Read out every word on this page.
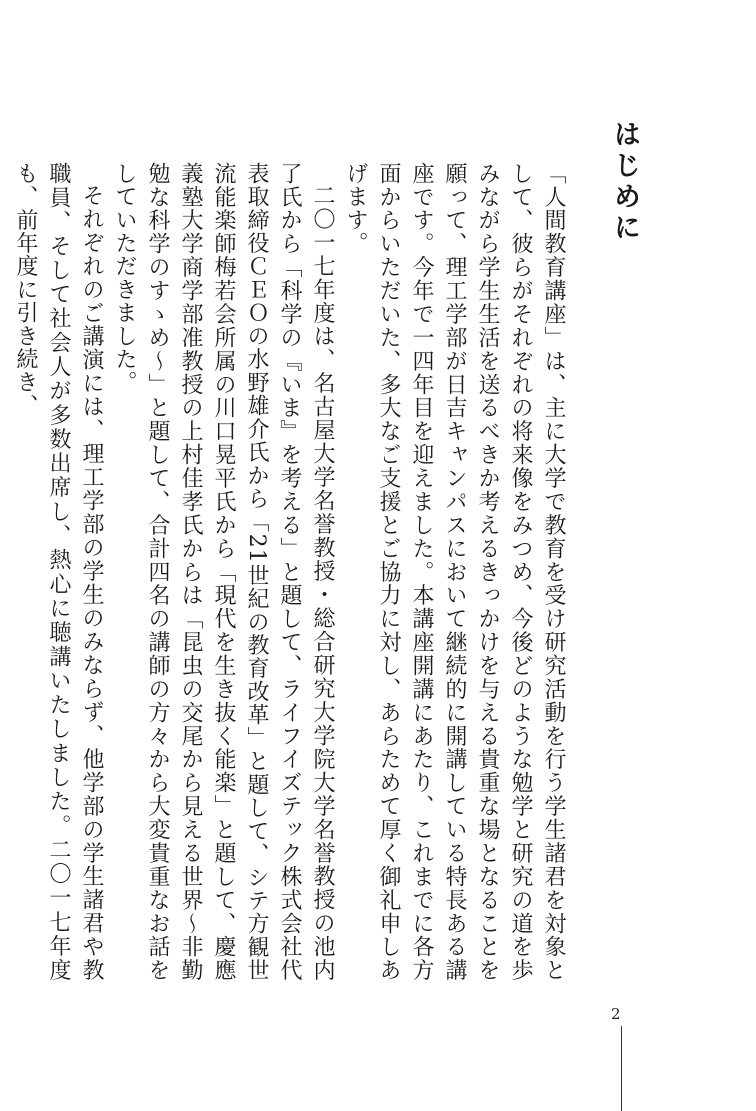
はじめに

「人間教育講座」は、主に大学で教育を受け研究活動を行う学生諸君を対象として、彼らがそれぞれの将来像をみつめ、今後どのような勉学と研究の道を歩みながら学生生活を送るべきか考えるきっかけを与える貴重な場となることを願って、理工学部が日吉キャンパスにおいて継続的に開講している特長ある講座です。今年で一四年目を迎えました。本講座開講にあたり、これまでに各方面からいただいた、多大なご支援とご協力に対し、あらためて厚く御礼申しあげます。

二〇一七年度は、名古屋大学名誉教授・総合研究大学院大学名誉教授の池内了氏から「科学の『いま』を考える」と題して、ライフイズテック株式会社代表取締役ＣＥＯの水野雄介氏から「21世紀の教育改革」と題して、シテ方観世流能楽師梅若会所属の川口晃平氏から「現代を生き抜く能楽」と題して、慶應義塾大学商学部准教授の上村佳孝氏からは「昆虫の交尾から見える世界～非勤勉な科学のすゝめ～」と題して、合計四名の講師の方々から大変貴重なお話をしていただきました。

それぞれのご講演には、理工学部の学生のみならず、他学部の学生諸君や教職員、そして社会人が多数出席し、熱心に聴講いたしました。二〇一七年度も、前年度に引き続き、

2
